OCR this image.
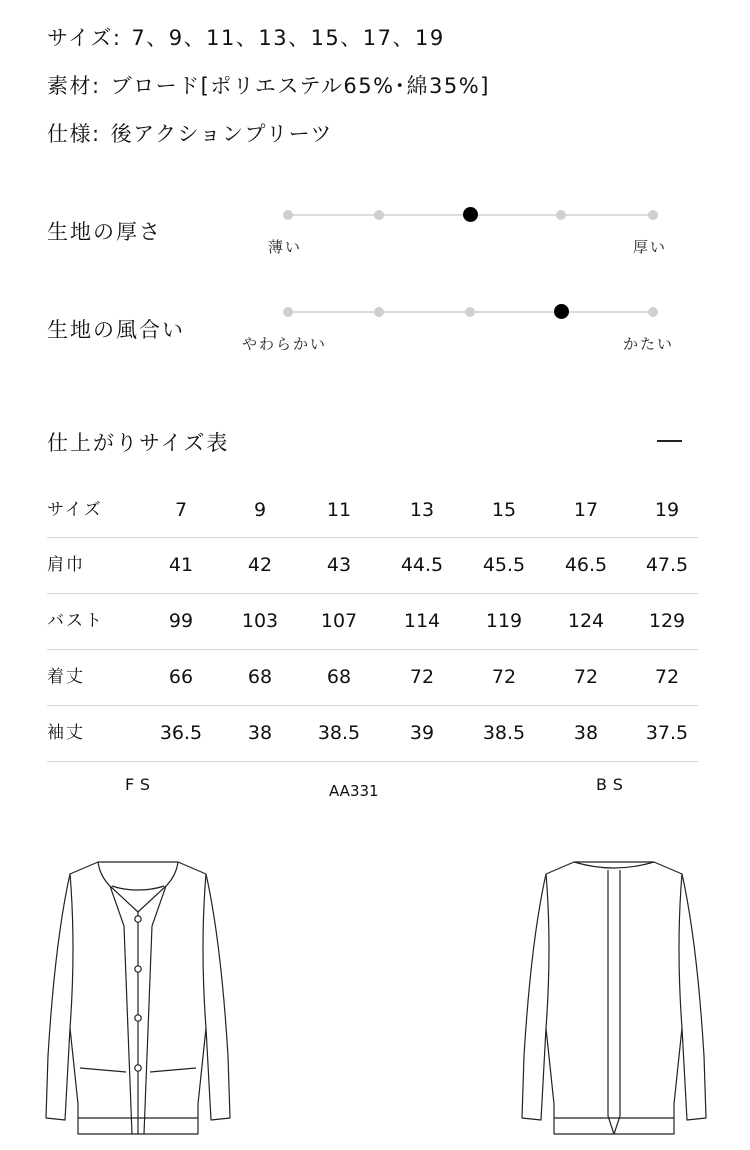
サイズ: 7、9、11、13、15、17、19
素材: ブロード[ポリエステル65%･綿35%]
仕様: 後アクションプリーツ
生地の厚さ
薄い	厚い
生地の風合い
やわらかい	かたい
仕上がりサイズ表
サイズ	7	9	11	13	15	17	19
肩巾	41	42	43	44.5 45.5 46.5 47.5
バスト	99	103 107 114 119 124 129
着丈	66	68	68	72	72	72	72
袖丈	36.5 38 38.5	39	38.5	38	37.5
FS	AA331	BS
